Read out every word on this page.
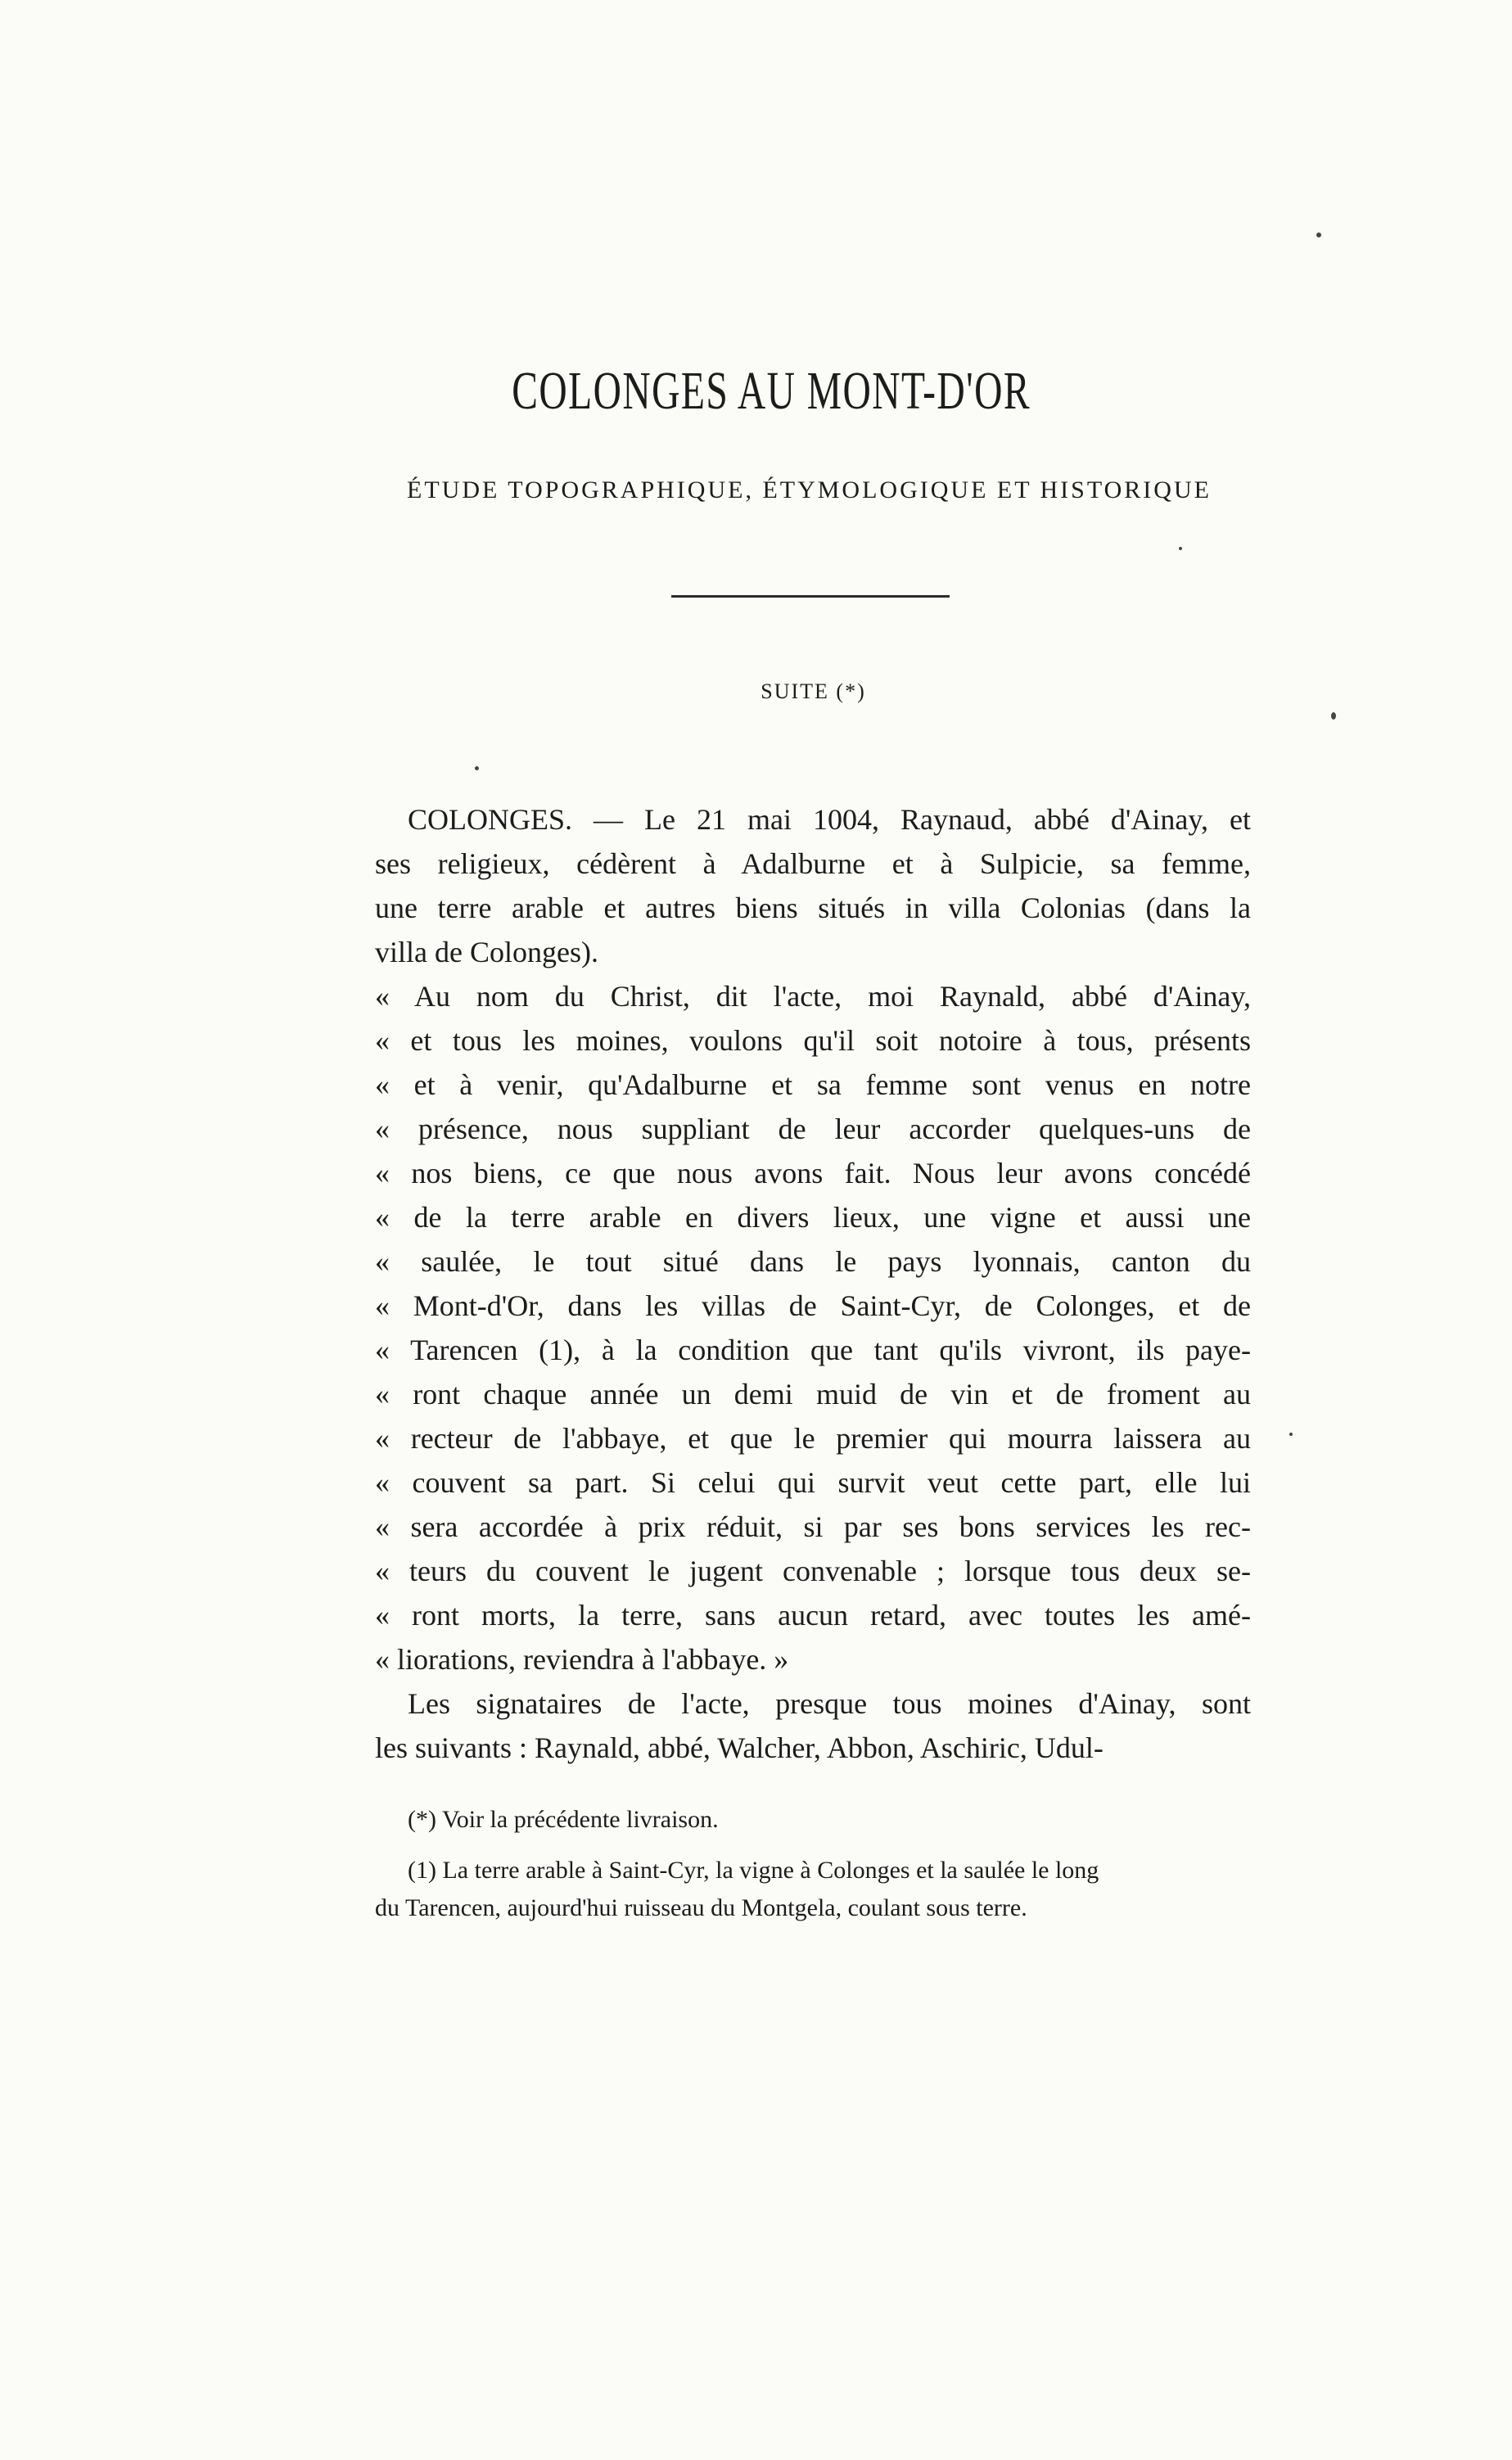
COLONGES AU MONT-D'OR
ÉTUDE TOPOGRAPHIQUE, ÉTYMOLOGIQUE ET HISTORIQUE
SUITE (*)
COLONGES. — Le 21 mai 1004, Raynaud, abbé d'Ainay, et
ses religieux, cédèrent à Adalburne et à Sulpicie, sa femme,
une terre arable et autres biens situés in villa Colonias (dans la
villa de Colonges).
« Au nom du Christ, dit l'acte, moi Raynald, abbé d'Ainay,
« et tous les moines, voulons qu'il soit notoire à tous, présents
« et à venir, qu'Adalburne et sa femme sont venus en notre
« présence, nous suppliant de leur accorder quelques-uns de
« nos biens, ce que nous avons fait. Nous leur avons concédé
« de la terre arable en divers lieux, une vigne et aussi une
« saulée, le tout situé dans le pays lyonnais, canton du
« Mont-d'Or, dans les villas de Saint-Cyr, de Colonges, et de
« Tarencen (1), à la condition que tant qu'ils vivront, ils paye-
« ront chaque année un demi muid de vin et de froment au
« recteur de l'abbaye, et que le premier qui mourra laissera au
« couvent sa part. Si celui qui survit veut cette part, elle lui
« sera accordée à prix réduit, si par ses bons services les rec-
« teurs du couvent le jugent convenable ; lorsque tous deux se-
« ront morts, la terre, sans aucun retard, avec toutes les amé-
« liorations, reviendra à l'abbaye. »
Les signataires de l'acte, presque tous moines d'Ainay, sont
les suivants : Raynald, abbé, Walcher, Abbon, Aschiric, Udul-
(*) Voir la précédente livraison.
(1) La terre arable à Saint-Cyr, la vigne à Colonges et la saulée le long
du Tarencen, aujourd'hui ruisseau du Montgela, coulant sous terre.
